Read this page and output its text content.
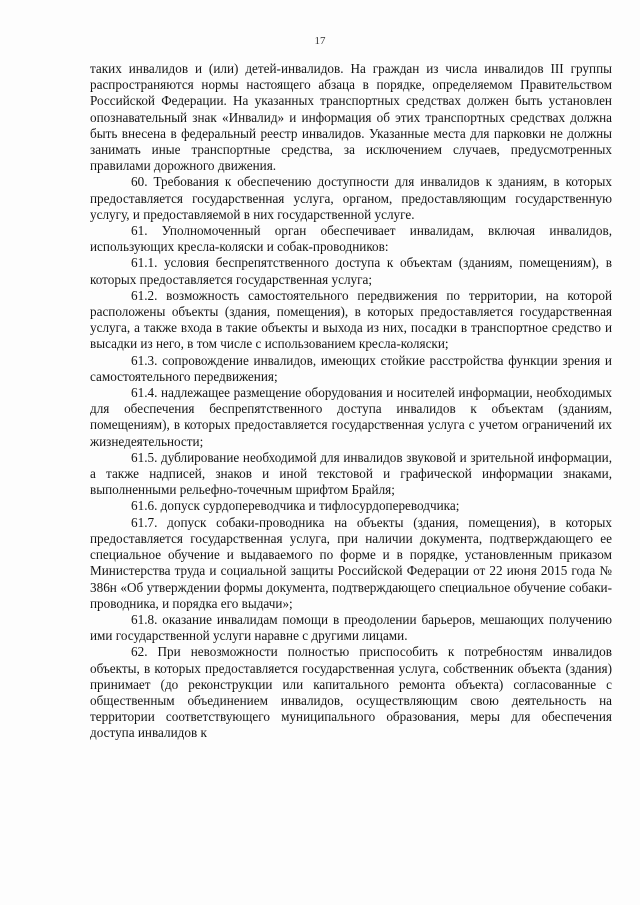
17

таких инвалидов и (или) детей-инвалидов. На граждан из числа инвалидов III группы распространяются нормы настоящего абзаца в порядке, определяемом Правительством Российской Федерации. На указанных транспортных средствах должен быть установлен опознавательный знак «Инвалид» и информация об этих транспортных средствах должна быть внесена в федеральный реестр инвалидов. Указанные места для парковки не должны занимать иные транспортные средства, за исключением случаев, предусмотренных правилами дорожного движения.

60. Требования к обеспечению доступности для инвалидов к зданиям, в которых предоставляется государственная услуга, органом, предоставляющим государственную услугу, и предоставляемой в них государственной услуге.

61. Уполномоченный орган обеспечивает инвалидам, включая инвалидов, использующих кресла-коляски и собак-проводников:

61.1. условия беспрепятственного доступа к объектам (зданиям, помещениям), в которых предоставляется государственная услуга;

61.2. возможность самостоятельного передвижения по территории, на которой расположены объекты (здания, помещения), в которых предоставляется государственная услуга, а также входа в такие объекты и выхода из них, посадки в транспортное средство и высадки из него, в том числе с использованием кресла-коляски;

61.3. сопровождение инвалидов, имеющих стойкие расстройства функции зрения и самостоятельного передвижения;

61.4. надлежащее размещение оборудования и носителей информации, необходимых для обеспечения беспрепятственного доступа инвалидов к объектам (зданиям, помещениям), в которых предоставляется государственная услуга с учетом ограничений их жизнедеятельности;

61.5. дублирование необходимой для инвалидов звуковой и зрительной информации, а также надписей, знаков и иной текстовой и графической информации знаками, выполненными рельефно-точечным шрифтом Брайля;

61.6. допуск сурдопереводчика и тифлосурдопереводчика;

61.7. допуск собаки-проводника на объекты (здания, помещения), в которых предоставляется государственная услуга, при наличии документа, подтверждающего ее специальное обучение и выдаваемого по форме и в порядке, установленным приказом Министерства труда и социальной защиты Российской Федерации от 22 июня 2015 года № 386н «Об утверждении формы документа, подтверждающего специальное обучение собаки-проводника, и порядка его выдачи»;

61.8. оказание инвалидам помощи в преодолении барьеров, мешающих получению ими государственной услуги наравне с другими лицами.

62. При невозможности полностью приспособить к потребностям инвалидов объекты, в которых предоставляется государственная услуга, собственник объекта (здания) принимает (до реконструкции или капитального ремонта объекта) согласованные с общественным объединением инвалидов, осуществляющим свою деятельность на территории соответствующего муниципального образования, меры для обеспечения доступа инвалидов к
